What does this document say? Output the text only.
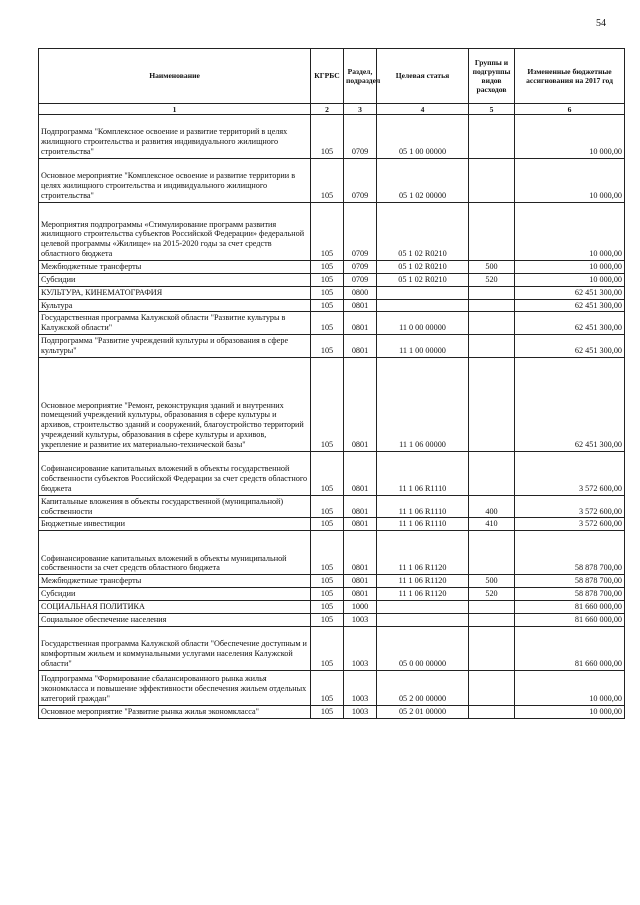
54
Наименование	КГРБС	Раздел, подраздел	Целевая статья	Группы и подгруппы видов расходов	Измененные бюджетные ассигнования на 2017 год
1	2	3	4	5	6
Подпрограмма "Комплексное освоение и развитие территорий в целях жилищного строительства и развития индивидуального жилищного строительства"	105	0709	05 1 00 00000		10 000,00
Основное мероприятие "Комплексное освоение и развитие территории в целях жилищного строительства и индивидуального жилищного строительства"	105	0709	05 1 02 00000		10 000,00
Мероприятия подпрограммы «Стимулирование программ развития жилищного строительства субъектов Российской Федерации» федеральной целевой программы «Жилище» на 2015-2020 годы за счет средств областного бюджета	105	0709	05 1 02 R0210		10 000,00
Межбюджетные трансферты	105	0709	05 1 02 R0210	500	10 000,00
Субсидии	105	0709	05 1 02 R0210	520	10 000,00
КУЛЬТУРА, КИНЕМАТОГРАФИЯ	105	0800			62 451 300,00
Культура	105	0801			62 451 300,00
Государственная программа Калужской области "Развитие культуры в Калужской области"	105	0801	11 0 00 00000		62 451 300,00
Подпрограмма "Развитие учреждений культуры и образования в сфере культуры"	105	0801	11 1 00 00000		62 451 300,00
Основное мероприятие "Ремонт, реконструкция зданий и внутренних помещений учреждений культуры, образования в сфере культуры и архивов, строительство зданий и сооружений, благоустройство территорий учреждений культуры, образования в сфере культуры и архивов, укрепление и развитие их материально-технической базы"	105	0801	11 1 06 00000		62 451 300,00
Софинансирование капитальных вложений в объекты государственной собственности субъектов Российской Федерации за счет средств областного бюджета	105	0801	11 1 06 R1110		3 572 600,00
Капитальные вложения в объекты государственной (муниципальной) собственности	105	0801	11 1 06 R1110	400	3 572 600,00
Бюджетные инвестиции	105	0801	11 1 06 R1110	410	3 572 600,00
Софинансирование капитальных вложений в объекты муниципальной собственности за счет средств областного бюджета	105	0801	11 1 06 R1120		58 878 700,00
Межбюджетные трансферты	105	0801	11 1 06 R1120	500	58 878 700,00
Субсидии	105	0801	11 1 06 R1120	520	58 878 700,00
СОЦИАЛЬНАЯ ПОЛИТИКА	105	1000			81 660 000,00
Социальное обеспечение населения	105	1003			81 660 000,00
Государственная программа Калужской области "Обеспечение доступным и комфортным жильем и коммунальными услугами населения Калужской области"	105	1003	05 0 00 00000		81 660 000,00
Подпрограмма "Формирование сбалансированного рынка жилья экономкласса и повышение эффективности обеспечения жильем отдельных категорий граждан"	105	1003	05 2 00 00000		10 000,00
Основное мероприятие "Развитие рынка жилья экономкласса"	105	1003	05 2 01 00000		10 000,00
